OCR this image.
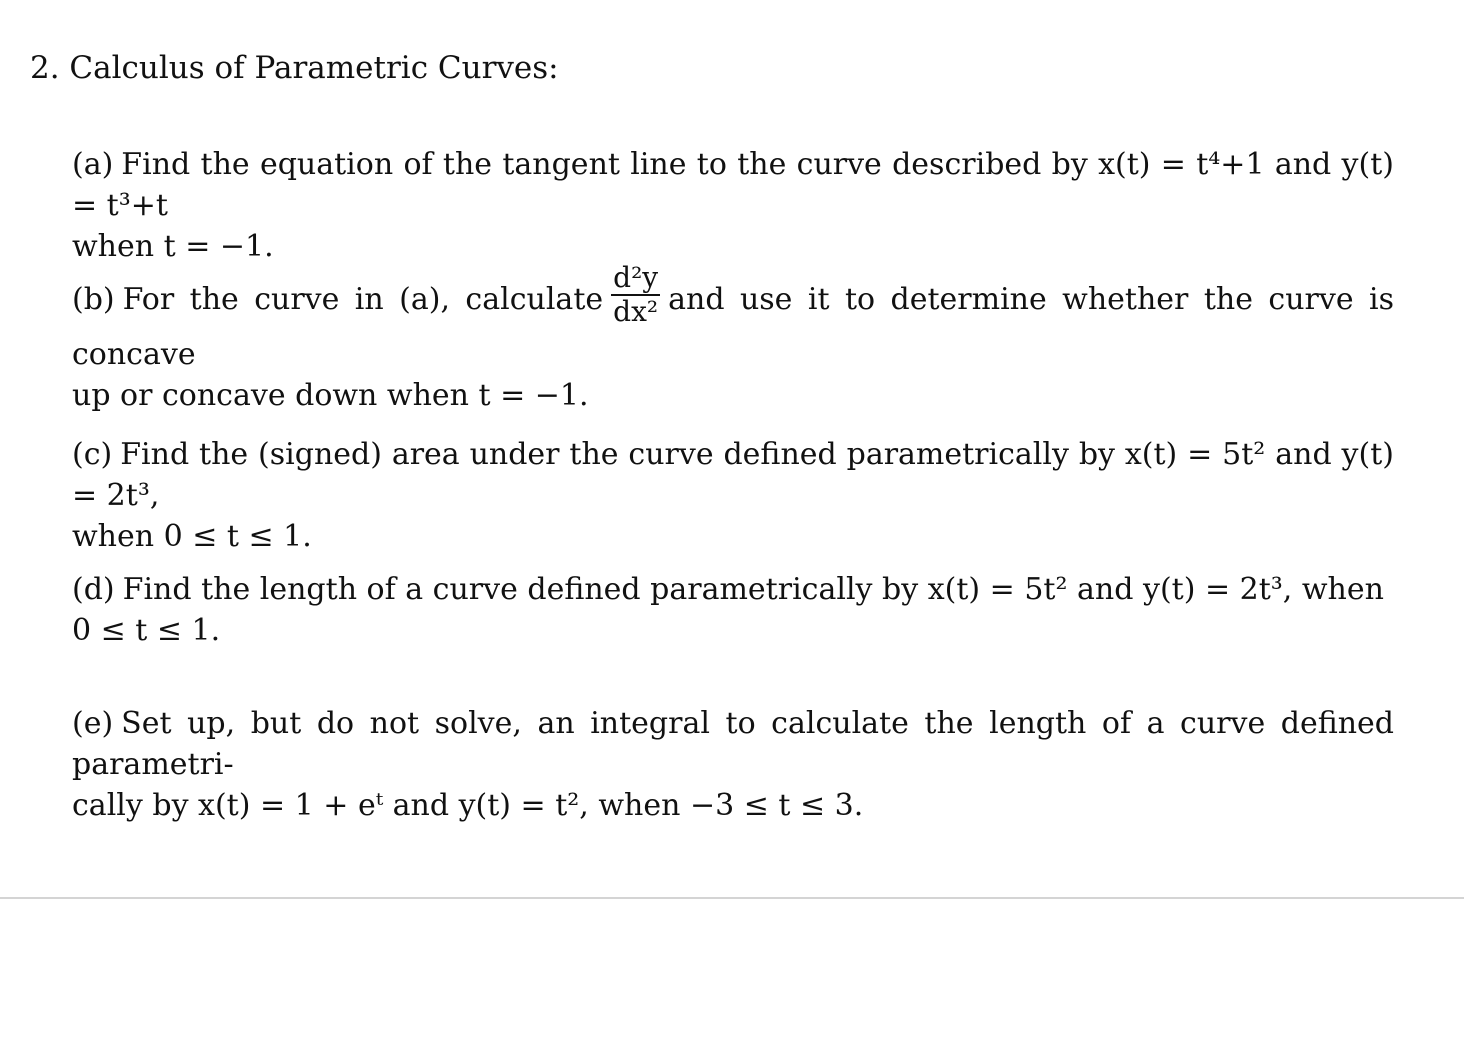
2. Calculus of Parametric Curves:
(a) Find the equation of the tangent line to the curve described by x(t) = t⁴+1 and y(t) = t³+t
when t = −1.
(b) For the curve in (a), calculate $\frac{\text{d²y}}{\text{dx²}}$ and use it to determine whether the curve is concave
up or concave down when t = −1.
(c) Find the (signed) area under the curve defined parametrically by x(t) = 5t² and y(t) = 2t³,
when 0 ≤ t ≤ 1.
(d) Find the length of a curve defined parametrically by x(t) = 5t² and y(t) = 2t³, when
0 ≤ t ≤ 1.
(e) Set up, but do not solve, an integral to calculate the length of a curve defined parametri-
cally by x(t) = 1 + eᵗ and y(t) = t², when −3 ≤ t ≤ 3.
